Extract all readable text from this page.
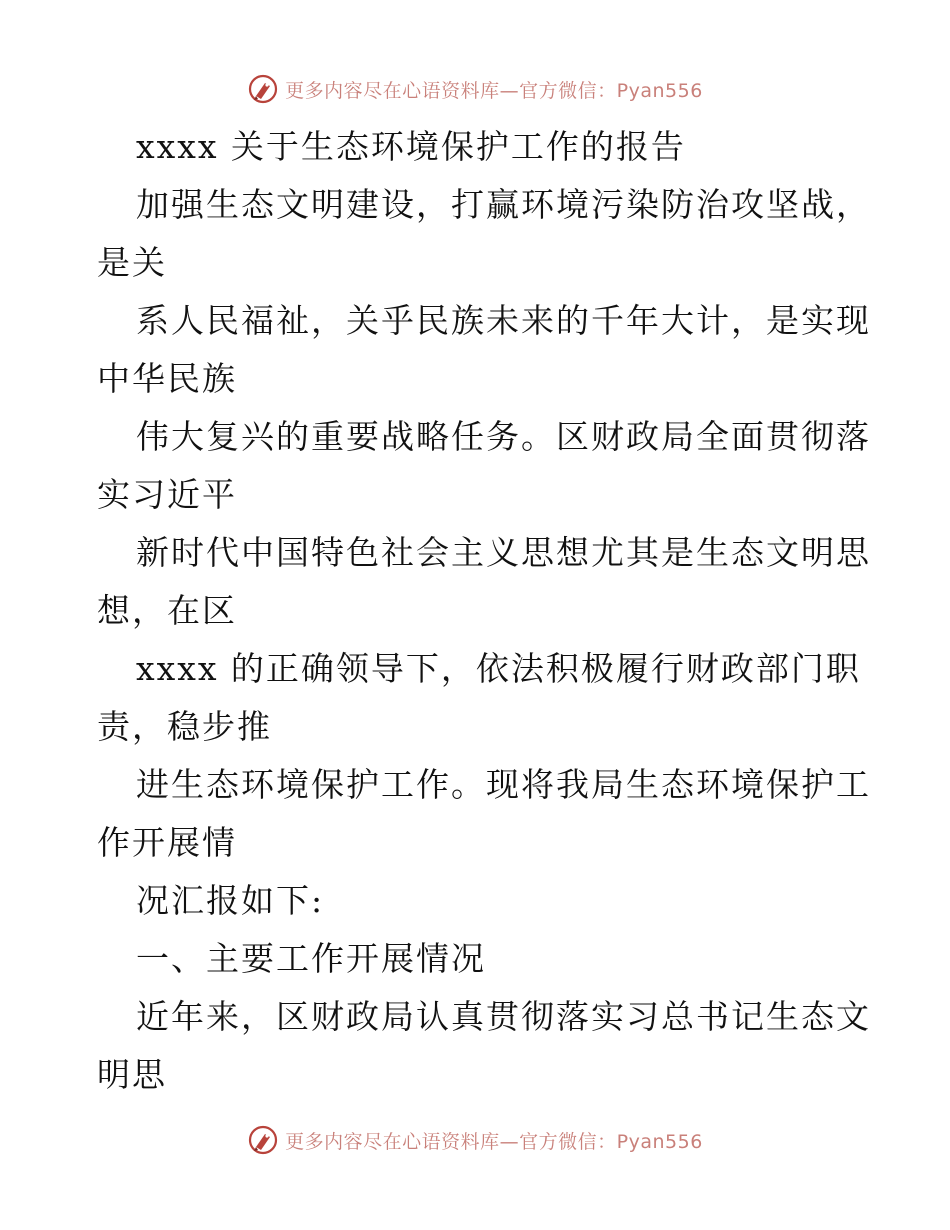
更多内容尽在心语资料库—官方微信：Pyan556
xxxx 关于生态环境保护工作的报告
加强生态文明建设，打赢环境污染防治攻坚战，
是关
系人民福祉，关乎民族未来的千年大计，是实现
中华民族
伟大复兴的重要战略任务。区财政局全面贯彻落
实习近平
新时代中国特色社会主义思想尤其是生态文明思
想，在区
xxxx 的正确领导下，依法积极履行财政部门职
责，稳步推
进生态环境保护工作。现将我局生态环境保护工
作开展情
况汇报如下:
一、主要工作开展情况
近年来，区财政局认真贯彻落实习总书记生态文
明思
更多内容尽在心语资料库—官方微信：Pyan556
